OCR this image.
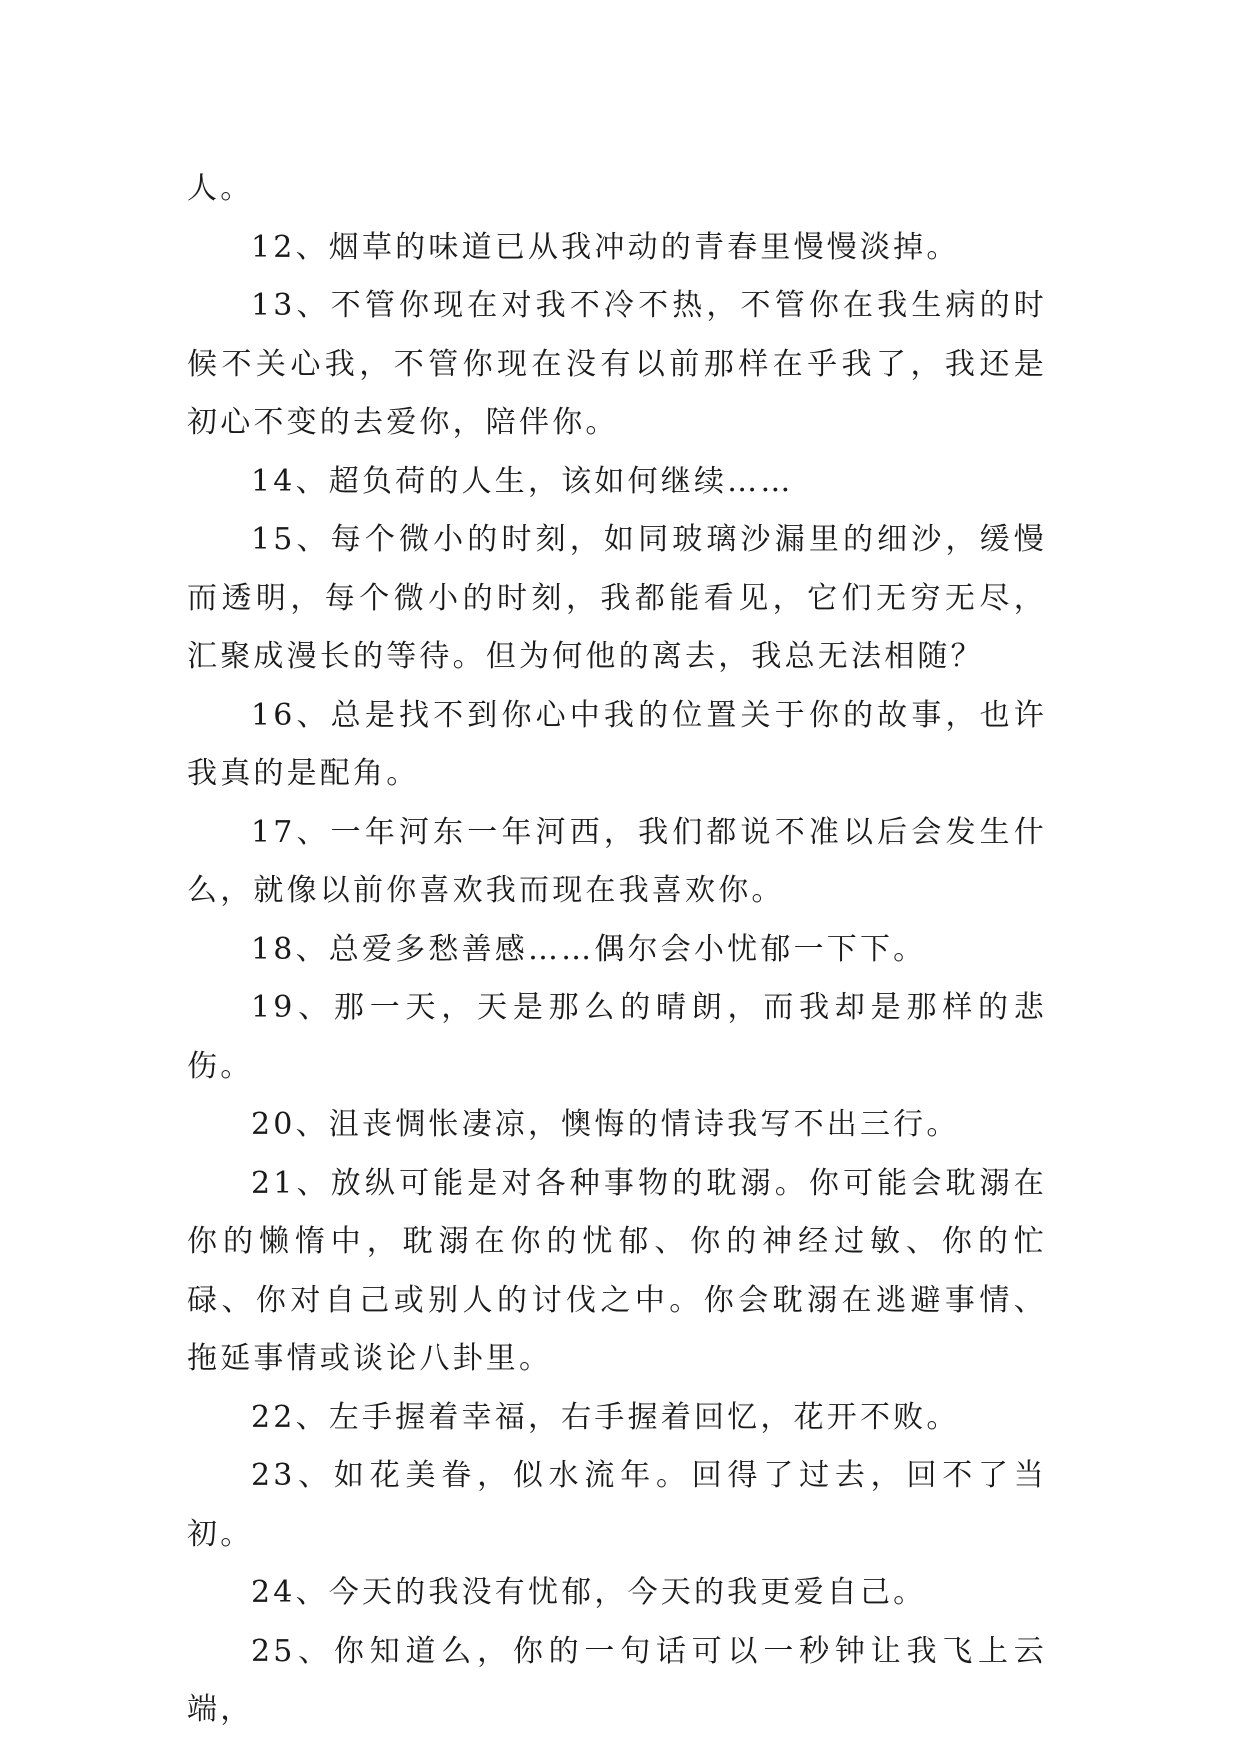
人。

12、烟草的味道已从我冲动的青春里慢慢淡掉。

13、不管你现在对我不冷不热，不管你在我生病的时候不关心我，不管你现在没有以前那样在乎我了，我还是初心不变的去爱你，陪伴你。

14、超负荷的人生，该如何继续……

15、每个微小的时刻，如同玻璃沙漏里的细沙，缓慢而透明，每个微小的时刻，我都能看见，它们无穷无尽，汇聚成漫长的等待。但为何他的离去，我总无法相随？

16、总是找不到你心中我的位置关于你的故事，也许我真的是配角。

17、一年河东一年河西，我们都说不准以后会发生什么，就像以前你喜欢我而现在我喜欢你。

18、总爱多愁善感……偶尔会小忧郁一下下。

19、那一天，天是那么的晴朗，而我却是那样的悲伤。

20、沮丧惆怅凄凉，懊悔的情诗我写不出三行。

21、放纵可能是对各种事物的耽溺。你可能会耽溺在你的懒惰中，耽溺在你的忧郁、你的神经过敏、你的忙碌、你对自己或别人的讨伐之中。你会耽溺在逃避事情、拖延事情或谈论八卦里。

22、左手握着幸福，右手握着回忆，花开不败。

23、如花美眷，似水流年。回得了过去，回不了当初。

24、今天的我没有忧郁，今天的我更爱自己。

25、你知道么，你的一句话可以一秒钟让我飞上云端，
